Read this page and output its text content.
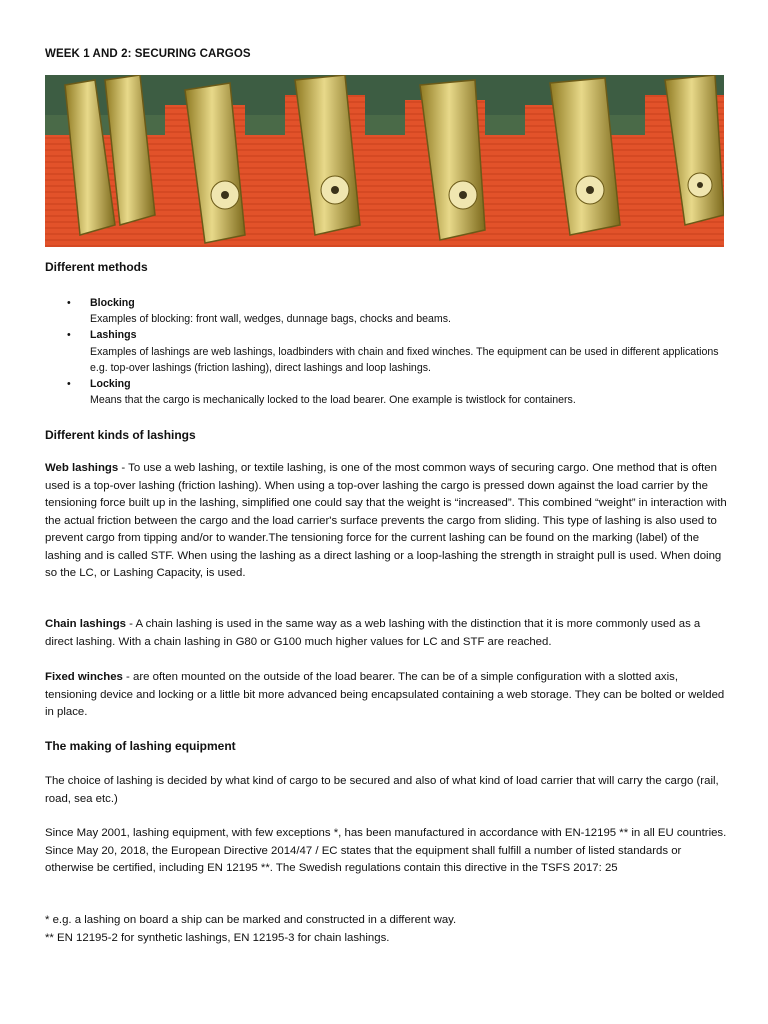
WEEK 1 AND 2: SECURING CARGOS
Different methods
• Blocking
Examples of blocking: front wall, wedges, dunnage bags, chocks and beams.
• Lashings
Examples of lashings are web lashings, loadbinders with chain and fixed winches. The equipment can be used in different applications e.g. top-over lashings (friction lashing), direct lashings and loop lashings.
• Locking
Means that the cargo is mechanically locked to the load bearer. One example is twistlock for containers.
Different kinds of lashings
Web lashings - To use a web lashing, or textile lashing, is one of the most common ways of securing cargo. One method that is often used is a top-over lashing (friction lashing). When using a top-over lashing the cargo is pressed down against the load carrier by the tensioning force built up in the lashing, simplified one could say that the weight is “increased”. This combined “weight” in interaction with the actual friction between the cargo and the load carrier's surface prevents the cargo from sliding. This type of lashing is also used to prevent cargo from tipping and/or to wander.The tensioning force for the current lashing can be found on the marking (label) of the lashing and is called STF. When using the lashing as a direct lashing or a loop-lashing the strength in straight pull is used. When doing so the LC, or Lashing Capacity, is used.
Chain lashings - A chain lashing is used in the same way as a web lashing with the distinction that it is more commonly used as a direct lashing. With a chain lashing in G80 or G100 much higher values for LC and STF are reached.
Fixed winches - are often mounted on the outside of the load bearer. The can be of a simple configuration with a slotted axis, tensioning device and locking or a little bit more advanced being encapsulated containing a web storage. They can be bolted or welded in place.
The making of lashing equipment
The choice of lashing is decided by what kind of cargo to be secured and also of what kind of load carrier that will carry the cargo (rail, road, sea etc.)
Since May 2001, lashing equipment, with few exceptions *, has been manufactured in accordance with EN-12195 ** in all EU countries. Since May 20, 2018, the European Directive 2014/47 / EC states that the equipment shall fulfill a number of listed standards or otherwise be certified, including EN 12195 **. The Swedish regulations contain this directive in the TSFS 2017: 25
* e.g. a lashing on board a ship can be marked and constructed in a different way.
** EN 12195-2 for synthetic lashings, EN 12195-3 for chain lashings.
